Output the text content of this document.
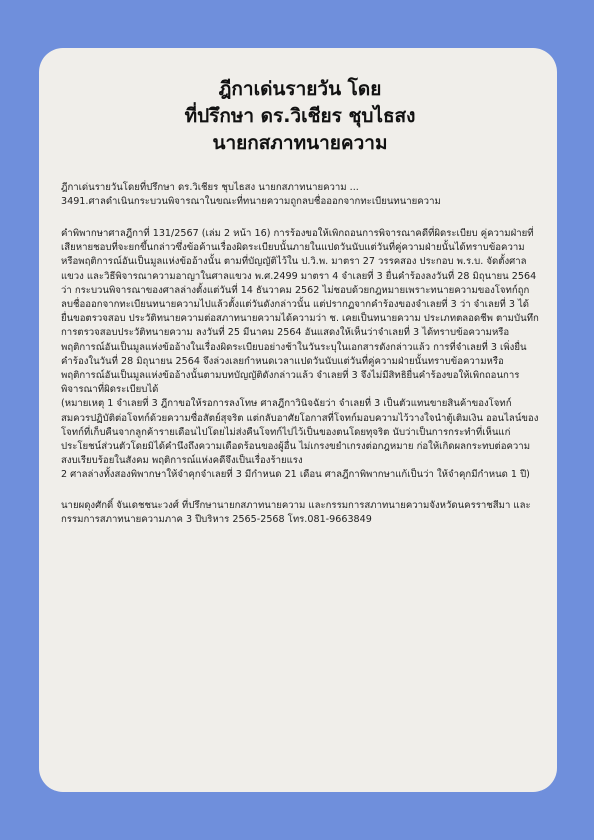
ฎีกาเด่นรายวัน โดย
ที่ปรึกษา ดร.วิเชียร ชุบไธสง
นายกสภาทนายความ
ฎีกาเด่นรายวันโดยที่ปรึกษา ดร.วิเชียร ชุบไธสง นายกสภาทนายความ ...
3491.ศาลดำเนินกระบวนพิจารณาในขณะที่ทนายความถูกลบชื่อออกจากทะเบียนทนายความ

คำพิพากษาศาลฎีกาที่ 131/2567 (เล่ม 2 หน้า 16) การร้องขอให้เพิกถอนการพิจารณาคดีที่ผิดระเบียบ คู่ความฝ่ายที่เสียหายชอบที่จะยกขึ้นกล่าวซึ่งข้อค้านเรื่องผิดระเบียบนั้นภายในแปดวันนับแต่วันที่คู่ความฝ่ายนั้นได้ทราบข้อความ หรือพฤติการณ์อันเป็นมูลแห่งข้ออ้างนั้น ตามที่บัญญัติไว้ใน ป.วิ.พ. มาตรา 27 วรรคสอง ประกอบ พ.ร.บ. จัดตั้งศาลแขวง และวิธีพิจารณาความอาญาในศาลแขวง พ.ศ.2499 มาตรา 4 จำเลยที่ 3 ยื่นคำร้องลงวันที่ 28 มิถุนายน 2564 ว่า กระบวนพิจารณาของศาลล่างตั้งแต่วันที่ 14 ธันวาคม 2562 ไม่ชอบด้วยกฎหมายเพราะทนายความของโจทก์ถูกลบชื่อออกจากทะเบียนทนายความไปแล้วตั้งแต่วันดังกล่าวนั้น แต่ปรากฏจากคำร้องของจำเลยที่ 3 ว่า จำเลยที่ 3 ได้ยื่นขอตรวจสอบ ประวัติทนายความต่อสภาทนายความได้ความว่า ช. เคยเป็นทนายความ ประเภทตลอดชีพ ตามบันทึกการตรวจสอบประวัติทนายความ ลงวันที่ 25 มีนาคม 2564 อันแสดงให้เห็นว่าจำเลยที่ 3 ได้ทราบข้อความหรือพฤติการณ์อันเป็นมูลแห่งข้ออ้างในเรื่องผิดระเบียบอย่างช้าในวันระบุในเอกสารดังกล่าวแล้ว การที่จำเลยที่ 3 เพิ่งยื่นคำร้องในวันที่ 28 มิถุนายน 2564 จึงล่วงเลยกำหนดเวลาแปดวันนับแต่วันที่คู่ความฝ่ายนั้นทราบข้อความหรือพฤติการณ์อันเป็นมูลแห่งข้ออ้างนั้นตามบทบัญญัติดังกล่าวแล้ว จำเลยที่ 3 จึงไม่มีสิทธิยื่นคำร้องขอให้เพิกถอนการพิจารณาที่ผิดระเบียบได้

(หมายเหตุ 1 จำเลยที่ 3 ฎีกาขอให้รอการลงโทษ ศาลฎีกาวินิจฉัยว่า จำเลยที่ 3 เป็นตัวแทนขายสินค้าของโจทก์ สมควรปฏิบัติต่อโจทก์ด้วยความซื่อสัตย์สุจริต แต่กลับอาศัยโอกาสที่โจทก์มอบความไว้วางใจนำตู้เติมเงิน ออนไลน์ของโจทก์ที่เก็บคืนจากลูกค้ารายเดือนไปโดยไม่ส่งคืนโจทก์ไปไว้เป็นของตนโดยทุจริต นับว่าเป็นการกระทำที่เห็นแก่ประโยชน์ส่วนตัวโดยมิได้คำนึงถึงความเดือดร้อนของผู้อื่น ไม่เกรงขยำเกรงต่อกฎหมาย ก่อให้เกิดผลกระทบต่อความสงบเรียบร้อยในสังคม พฤติการณ์แห่งคดีจึงเป็นเรื่องร้ายแรง

2 ศาลล่างทั้งสองพิพากษาให้จำคุกจำเลยที่ 3 มีกำหนด 21 เดือน ศาลฎีกาพิพากษาแก้เป็นว่า ให้จำคุกมีกำหนด 1 ปี)

นายผดุงศักดิ์ จันเดชชนะวงศ์ ที่ปรึกษานายกสภาทนายความ และกรรมการสภาทนายความจังหวัดนครราชสีมา และกรรมการสภาทนายความภาค 3 ปีบริหาร 2565-2568 โทร.081-9663849
